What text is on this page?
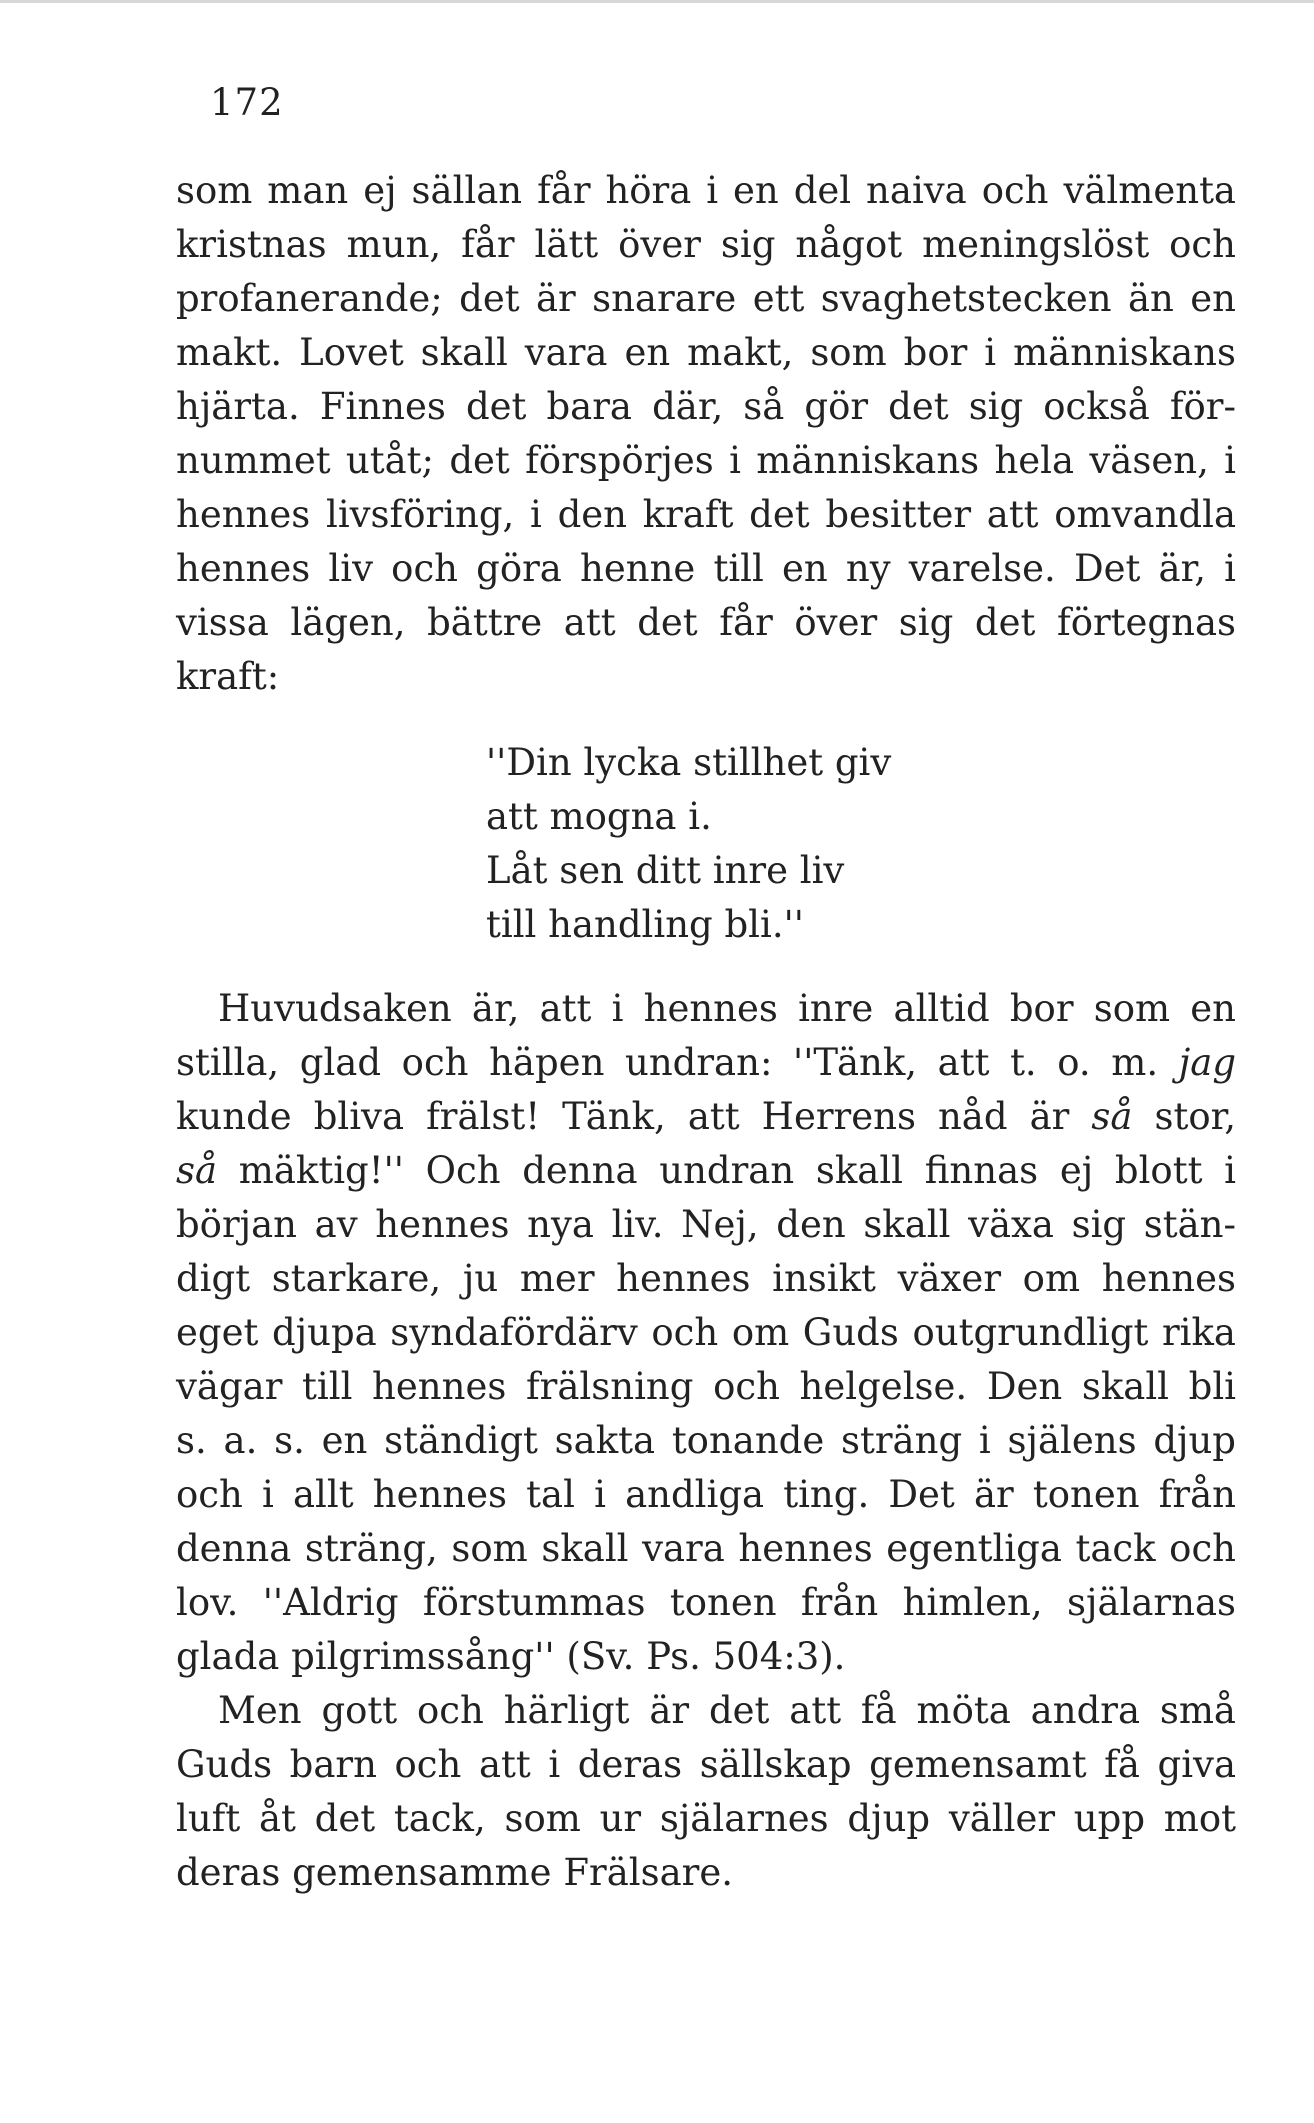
172
som man ej sällan får höra i en del naiva och välmenta
kristnas mun, får lätt över sig något meningslöst och
profanerande; det är snarare ett svaghetstecken än en
makt. Lovet skall vara en makt, som bor i människans
hjärta. Finnes det bara där, så gör det sig också för-
nummet utåt; det förspörjes i människans hela väsen, i
hennes livsföring, i den kraft det besitter att omvandla
hennes liv och göra henne till en ny varelse. Det är, i
vissa lägen, bättre att det får över sig det förtegnas
kraft:
''Din lycka stillhet giv
att mogna i.
Låt sen ditt inre liv
till handling bli.''
Huvudsaken är, att i hennes inre alltid bor som en
stilla, glad och häpen undran: ''Tänk, att t. o. m. jag
kunde bliva frälst! Tänk, att Herrens nåd är så stor,
så mäktig!'' Och denna undran skall finnas ej blott i
början av hennes nya liv. Nej, den skall växa sig stän-
digt starkare, ju mer hennes insikt växer om hennes
eget djupa syndafördärv och om Guds outgrundligt rika
vägar till hennes frälsning och helgelse. Den skall bli
s. a. s. en ständigt sakta tonande sträng i själens djup
och i allt hennes tal i andliga ting. Det är tonen från
denna sträng, som skall vara hennes egentliga tack och
lov. ''Aldrig förstummas tonen från himlen, själarnas
glada pilgrimssång'' (Sv. Ps. 504:3).
Men gott och härligt är det att få möta andra små
Guds barn och att i deras sällskap gemensamt få giva
luft åt det tack, som ur själarnes djup väller upp mot
deras gemensamme Frälsare.
